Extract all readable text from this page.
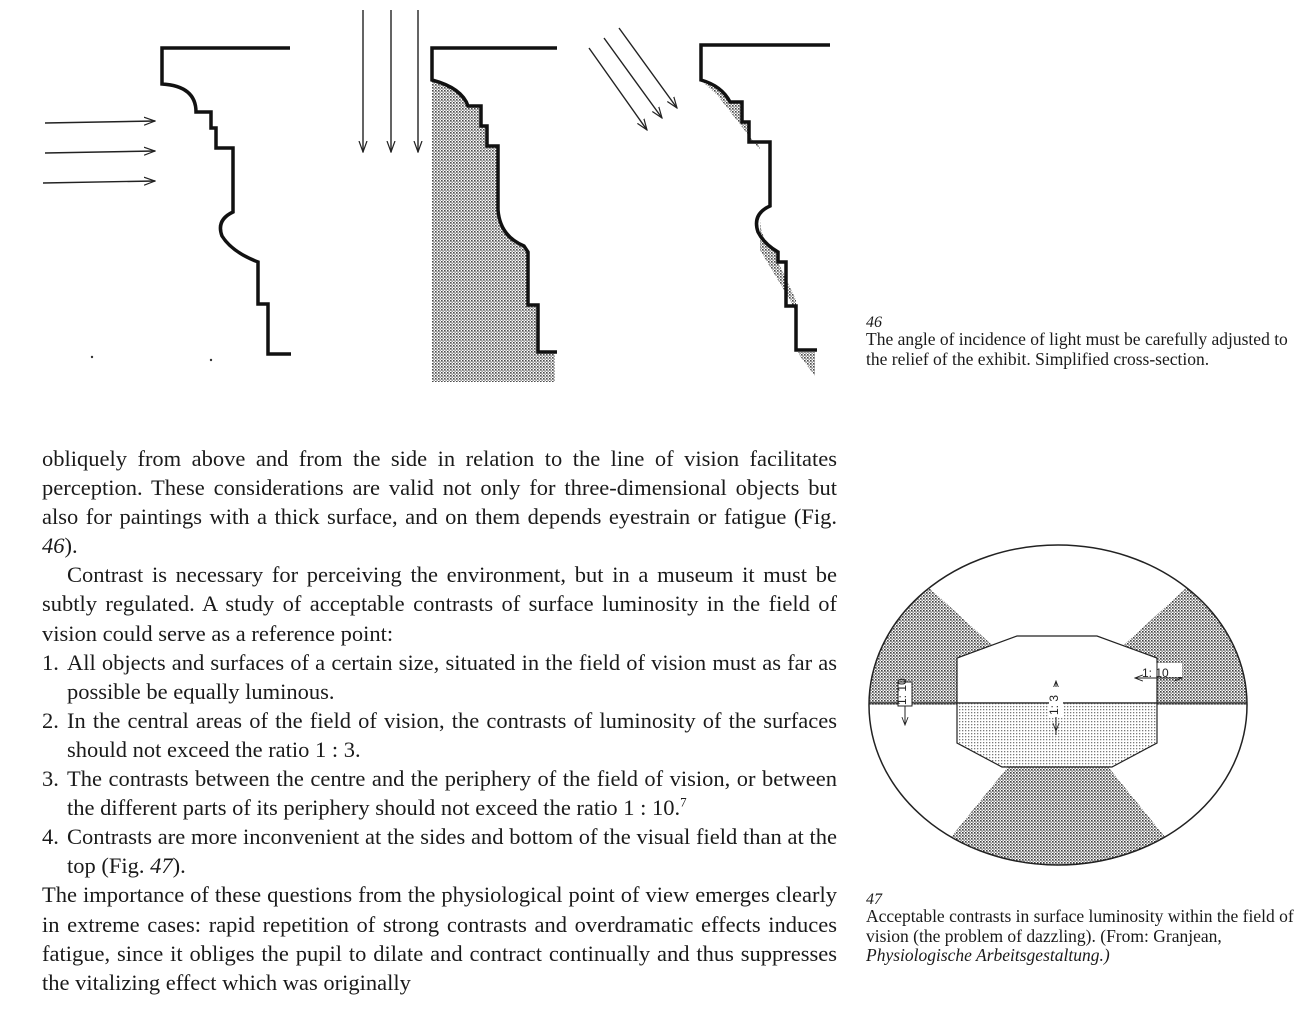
46
The angle of incidence of light must be carefully adjusted to the relief of the exhibit. Simplified cross-section.
1: 10	1: 3
1: 10
47
Acceptable contrasts in surface luminosity within the field of vision (the problem of dazzling). (From: Granjean,
Physiologische Arbeitsgestaltung.)

obliquely from above and from the side in relation to the line of vision facilitates perception. These considerations are valid not only for three-dimensional objects but also for paintings with a thick surface, and on them depends eyestrain or fatigue (Fig. 46).

Contrast is necessary for perceiving the environment, but in a museum it must be subtly regulated. A study of acceptable contrasts of surface luminosity in the field of vision could serve as a reference point:

1. All objects and surfaces of a certain size, situated in the field of vision must as far as possible be equally luminous.
2. In the central areas of the field of vision, the contrasts of luminosity of the surfaces should not exceed the ratio 1 : 3.
3. The contrasts between the centre and the periphery of the field of vision, or between the different parts of its periphery should not exceed the ratio 1 : 10.$^7$
4. Contrasts are more inconvenient at the sides and bottom of the visual field than at the top (Fig. 47).

The importance of these questions from the physiological point of view emerges clearly in extreme cases: rapid repetition of strong contrasts and overdramatic effects induces fatigue, since it obliges the pupil to dilate and contract continually and thus suppresses the vitalizing effect which was originally
